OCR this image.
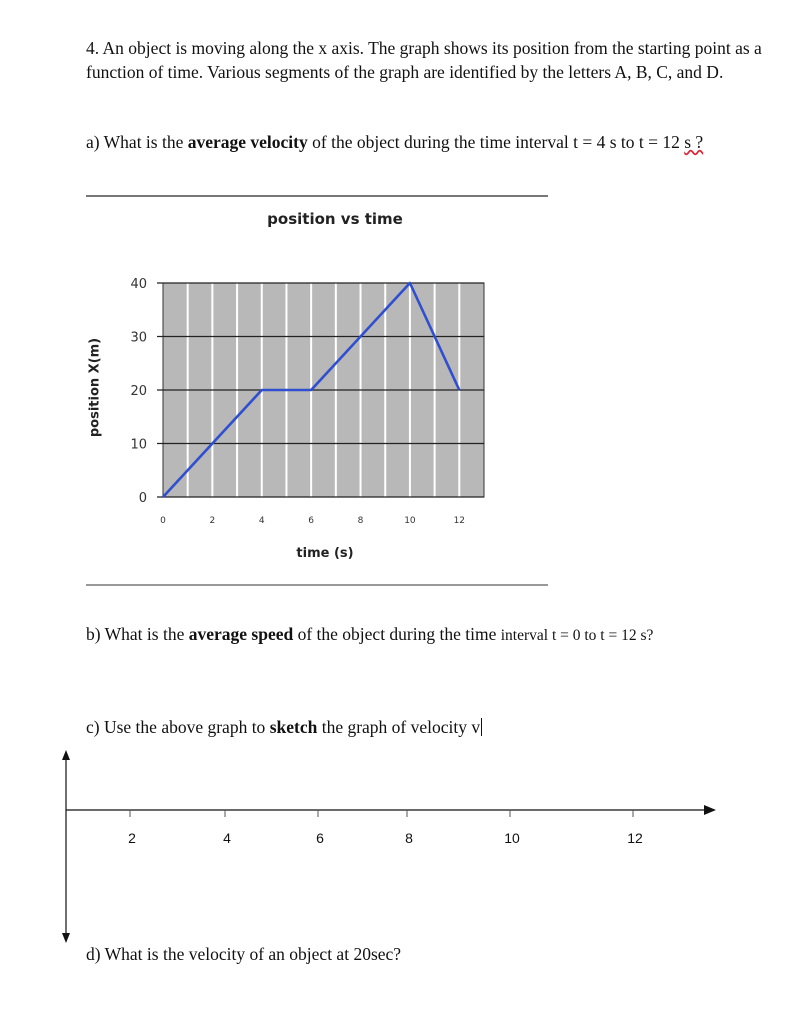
4. An object is moving along the x axis. The graph shows its position from the starting point as a function of time. Various segments of the graph are identified by the letters A, B, C, and D.
a) What is the average velocity of the object during the time interval t = 4 s to t = 12 s ?
position vs time
time (s)
position X(m)
0
10
20
30
40
0	2	4	6	8	10	12
b) What is the average speed of the object during the time interval t = 0 to t = 12 s?
c) Use the above graph to sketch the graph of velocity v
2	4	6	8	10	12
d) What is the velocity of an object at 20sec?
